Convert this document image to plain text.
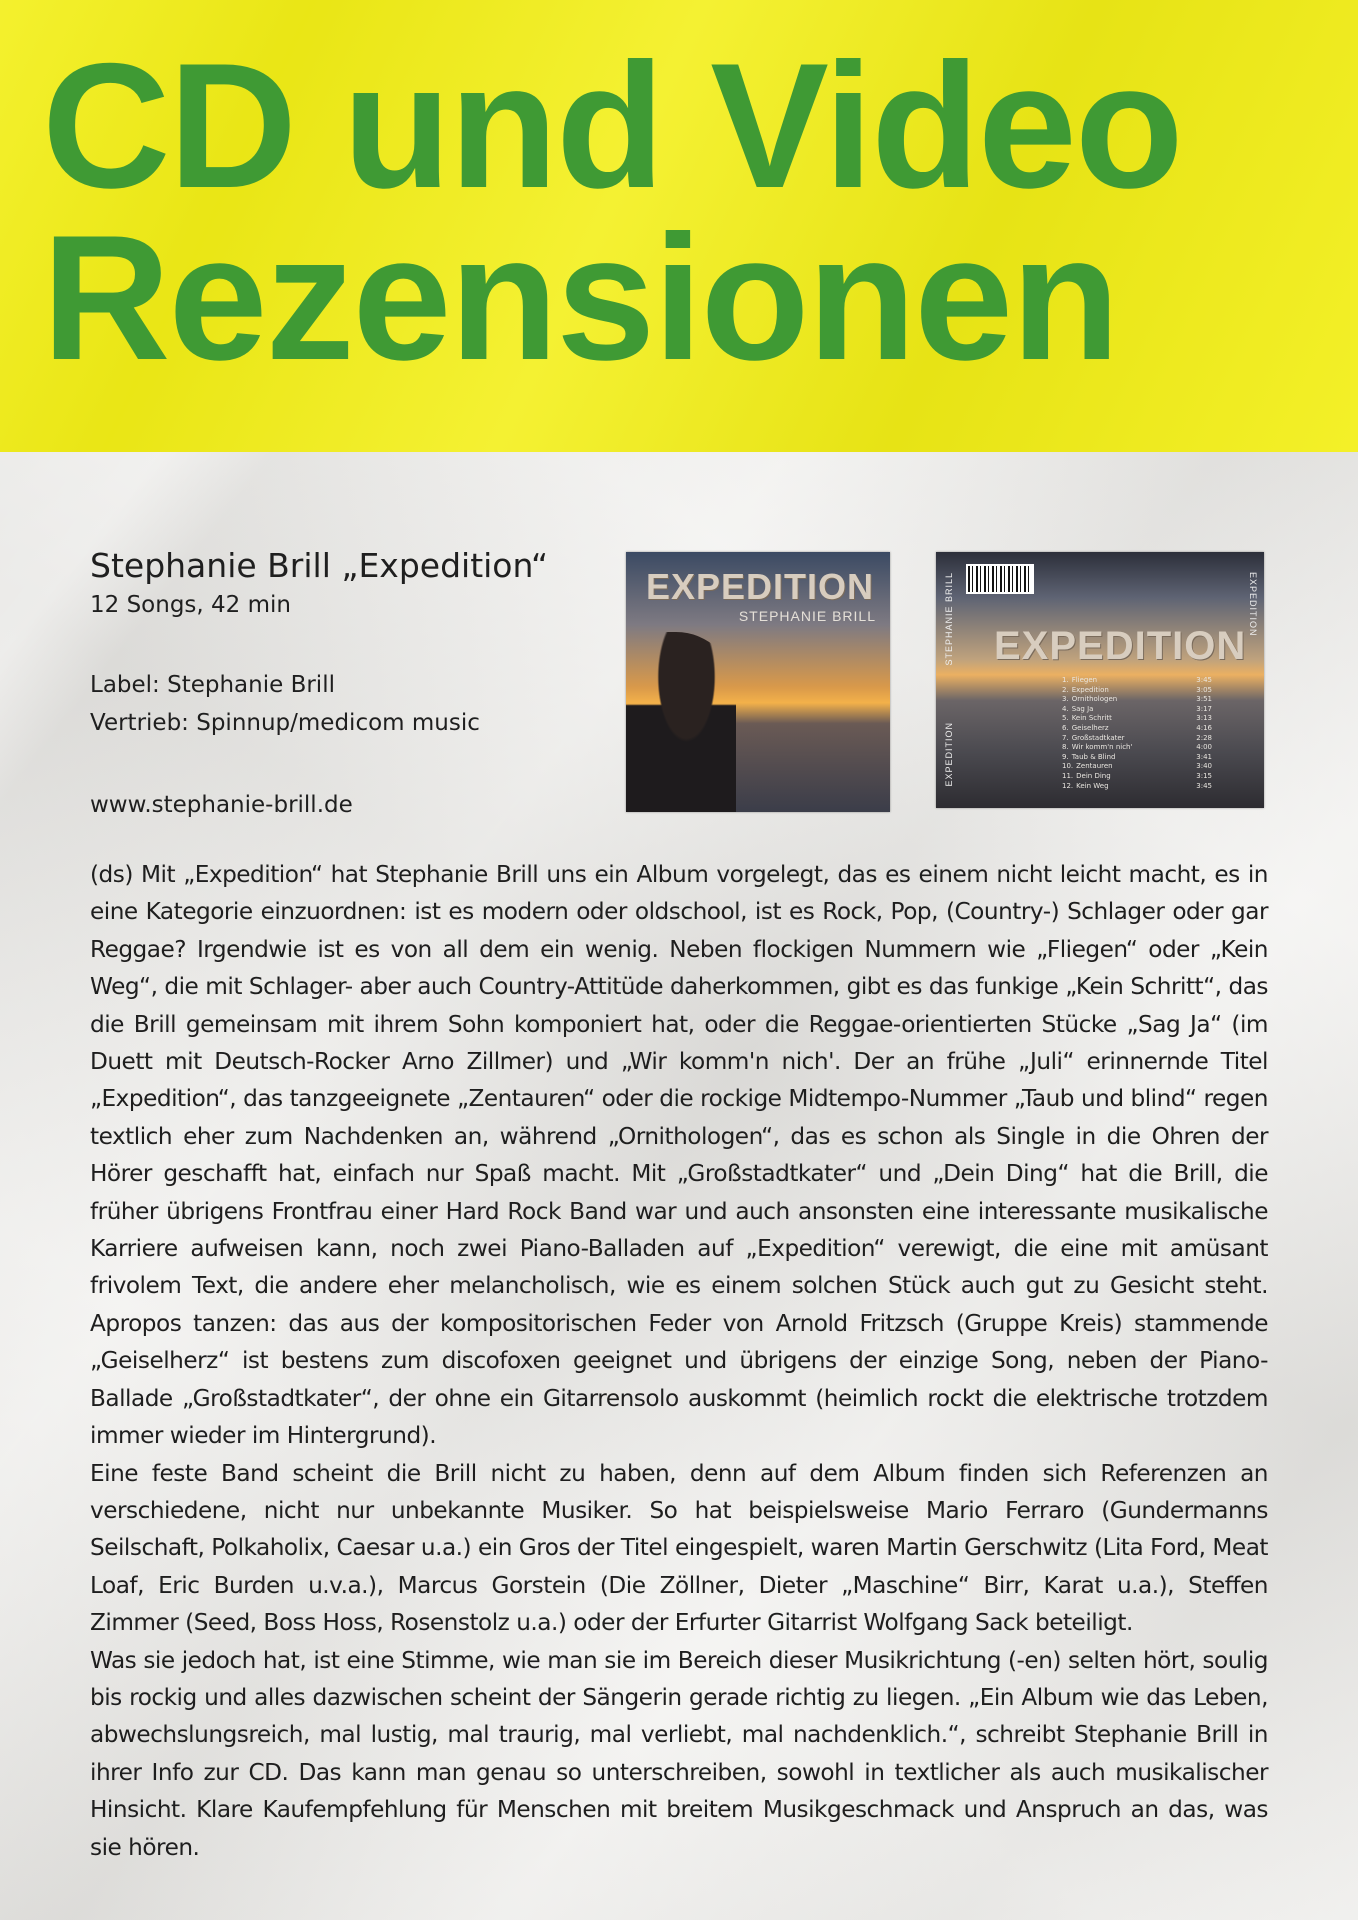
CD und Video
Rezensionen

Stephanie Brill „Expedition“

12 Songs, 42 min

Label: Stephanie Brill

Vertrieb: Spinnup/medicom music

www.stephanie-brill.de

EXPEDITION
STEPHANIE BRILL	STEPHANIE BRILL
EXPEDITION
EXPEDITION
EXPEDITION
1. Fliegen	3:45
2. Expedition	3:05
3. Ornithologen	3:51
4. Sag Ja	3:17
5. Kein Schritt	3:13
6. Geiselherz	4:16
7. Großstadtkater	2:28
8. Wir komm'n nich'	4:00
9. Taub & Blind	3:41
10. Zentauren	3:40
11. Dein Ding	3:15
12. Kein Weg	3:45

(ds) Mit „Expedition“ hat Stephanie Brill uns ein Album vorgelegt, das es einem nicht leicht macht, es in eine Kategorie einzuordnen: ist es modern oder oldschool, ist es Rock, Pop, (Country-) Schlager oder gar Reggae? Irgendwie ist es von all dem ein wenig. Neben flockigen Nummern wie „Fliegen“ oder „Kein Weg“, die mit Schlager- aber auch Country-Attitüde daherkommen, gibt es das funkige „Kein Schritt“, das die Brill gemeinsam mit ihrem Sohn komponiert hat, oder die Reggae-orientierten Stücke „Sag Ja“ (im Duett mit Deutsch-Rocker Arno Zillmer) und „Wir komm'n nich'. Der an frühe „Juli“ erinnernde Titel „Expedition“, das tanzgeeignete „Zentauren“ oder die rockige Midtempo-Nummer „Taub und blind“ regen textlich eher zum Nachdenken an, während „Ornithologen“, das es schon als Single in die Ohren der Hörer geschafft hat, einfach nur Spaß macht. Mit „Großstadtkater“ und „Dein Ding“ hat die Brill, die früher übrigens Frontfrau einer Hard Rock Band war und auch ansonsten eine interessante musikalische Karriere aufweisen kann, noch zwei Piano-Balladen auf „Expedition“ verewigt, die eine mit amüsant frivolem Text, die andere eher melancholisch, wie es einem solchen Stück auch gut zu Gesicht steht. Apropos tanzen: das aus der kompositorischen Feder von Arnold Fritzsch (Gruppe Kreis) stammende „Geiselherz“ ist bestens zum discofoxen geeignet und übrigens der einzige Song, neben der Piano-Ballade „Großstadtkater“, der ohne ein Gitarrensolo auskommt (heimlich rockt die elektrische trotzdem immer wieder im Hintergrund).

Eine feste Band scheint die Brill nicht zu haben, denn auf dem Album finden sich Referenzen an verschiedene, nicht nur unbekannte Musiker. So hat beispielsweise Mario Ferraro (Gundermanns Seilschaft, Polkaholix, Caesar u.a.) ein Gros der Titel eingespielt, waren Martin Gerschwitz (Lita Ford, Meat Loaf, Eric Burden u.v.a.), Marcus Gorstein (Die Zöllner, Dieter „Maschine“ Birr, Karat u.a.), Steffen Zimmer (Seed, Boss Hoss, Rosenstolz u.a.) oder der Erfurter Gitarrist Wolfgang Sack beteiligt.

Was sie jedoch hat, ist eine Stimme, wie man sie im Bereich dieser Musikrichtung (-en) selten hört, soulig bis rockig und alles dazwischen scheint der Sängerin gerade richtig zu liegen. „Ein Album wie das Leben, abwechslungsreich, mal lustig, mal traurig, mal verliebt, mal nachdenklich.“, schreibt Stephanie Brill in ihrer Info zur CD. Das kann man genau so unterschreiben, sowohl in textlicher als auch musikalischer Hinsicht. Klare Kaufempfehlung für Menschen mit breitem Musikgeschmack und Anspruch an das, was sie hören.
